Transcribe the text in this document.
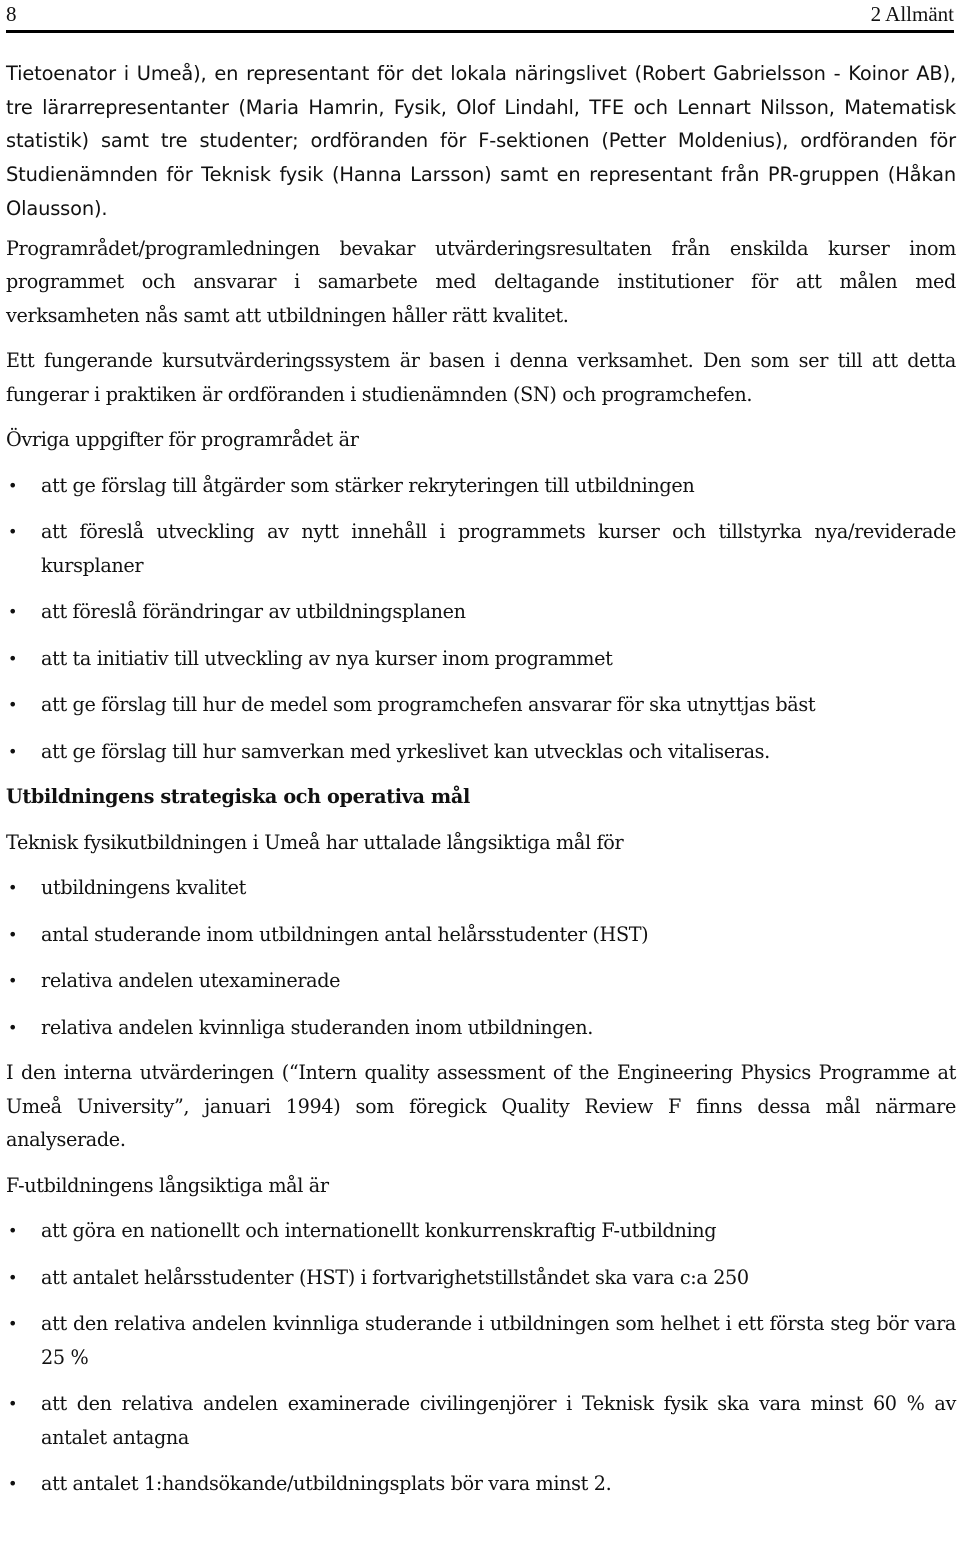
8	2 Allmänt

Tietoenator i Umeå), en representant för det lokala näringslivet (Robert Gabrielsson - Koinor AB), tre lärarrepresentanter (Maria Hamrin, Fysik, Olof Lindahl, TFE och Lennart Nilsson, Matematisk statistik) samt tre studenter; ordföranden för F-sektionen (Petter Moldenius), ordföranden för Studienämnden för Teknisk fysik (Hanna Larsson) samt en representant från PR-gruppen (Håkan Olausson).

Programrådet/programledningen bevakar utvärderingsresultaten från enskilda kurser inom programmet och ansvarar i samarbete med deltagande institutioner för att målen med verksamheten nås samt att utbildningen håller rätt kvalitet.

Ett fungerande kursutvärderingssystem är basen i denna verksamhet. Den som ser till att detta fungerar i praktiken är ordföranden i studienämnden (SN) och programchefen.

Övriga uppgifter för programrådet är

• att ge förslag till åtgärder som stärker rekryteringen till utbildningen
• att föreslå utveckling av nytt innehåll i programmets kurser och tillstyrka nya/reviderade kursplaner
• att föreslå förändringar av utbildningsplanen
• att ta initiativ till utveckling av nya kurser inom programmet
• att ge förslag till hur de medel som programchefen ansvarar för ska utnyttjas bäst
• att ge förslag till hur samverkan med yrkeslivet kan utvecklas och vitaliseras.

Utbildningens strategiska och operativa mål

Teknisk fysikutbildningen i Umeå har uttalade långsiktiga mål för

• utbildningens kvalitet
• antal studerande inom utbildningen antal helårsstudenter (HST)
• relativa andelen utexaminerade
• relativa andelen kvinnliga studeranden inom utbildningen.

I den interna utvärderingen (“Intern quality assessment of the Engineering Physics Programme at Umeå University”, januari 1994) som föregick Quality Review F finns dessa mål närmare analyserade.

F-utbildningens långsiktiga mål är

• att göra en nationellt och internationellt konkurrenskraftig F-utbildning
• att antalet helårsstudenter (HST) i fortvarighetstillståndet ska vara c:a 250
• att den relativa andelen kvinnliga studerande i utbildningen som helhet i ett första steg bör vara 25 %
• att den relativa andelen examinerade civilingenjörer i Teknisk fysik ska vara minst 60 % av antalet antagna
• att antalet 1:handsökande/utbildningsplats bör vara minst 2.
